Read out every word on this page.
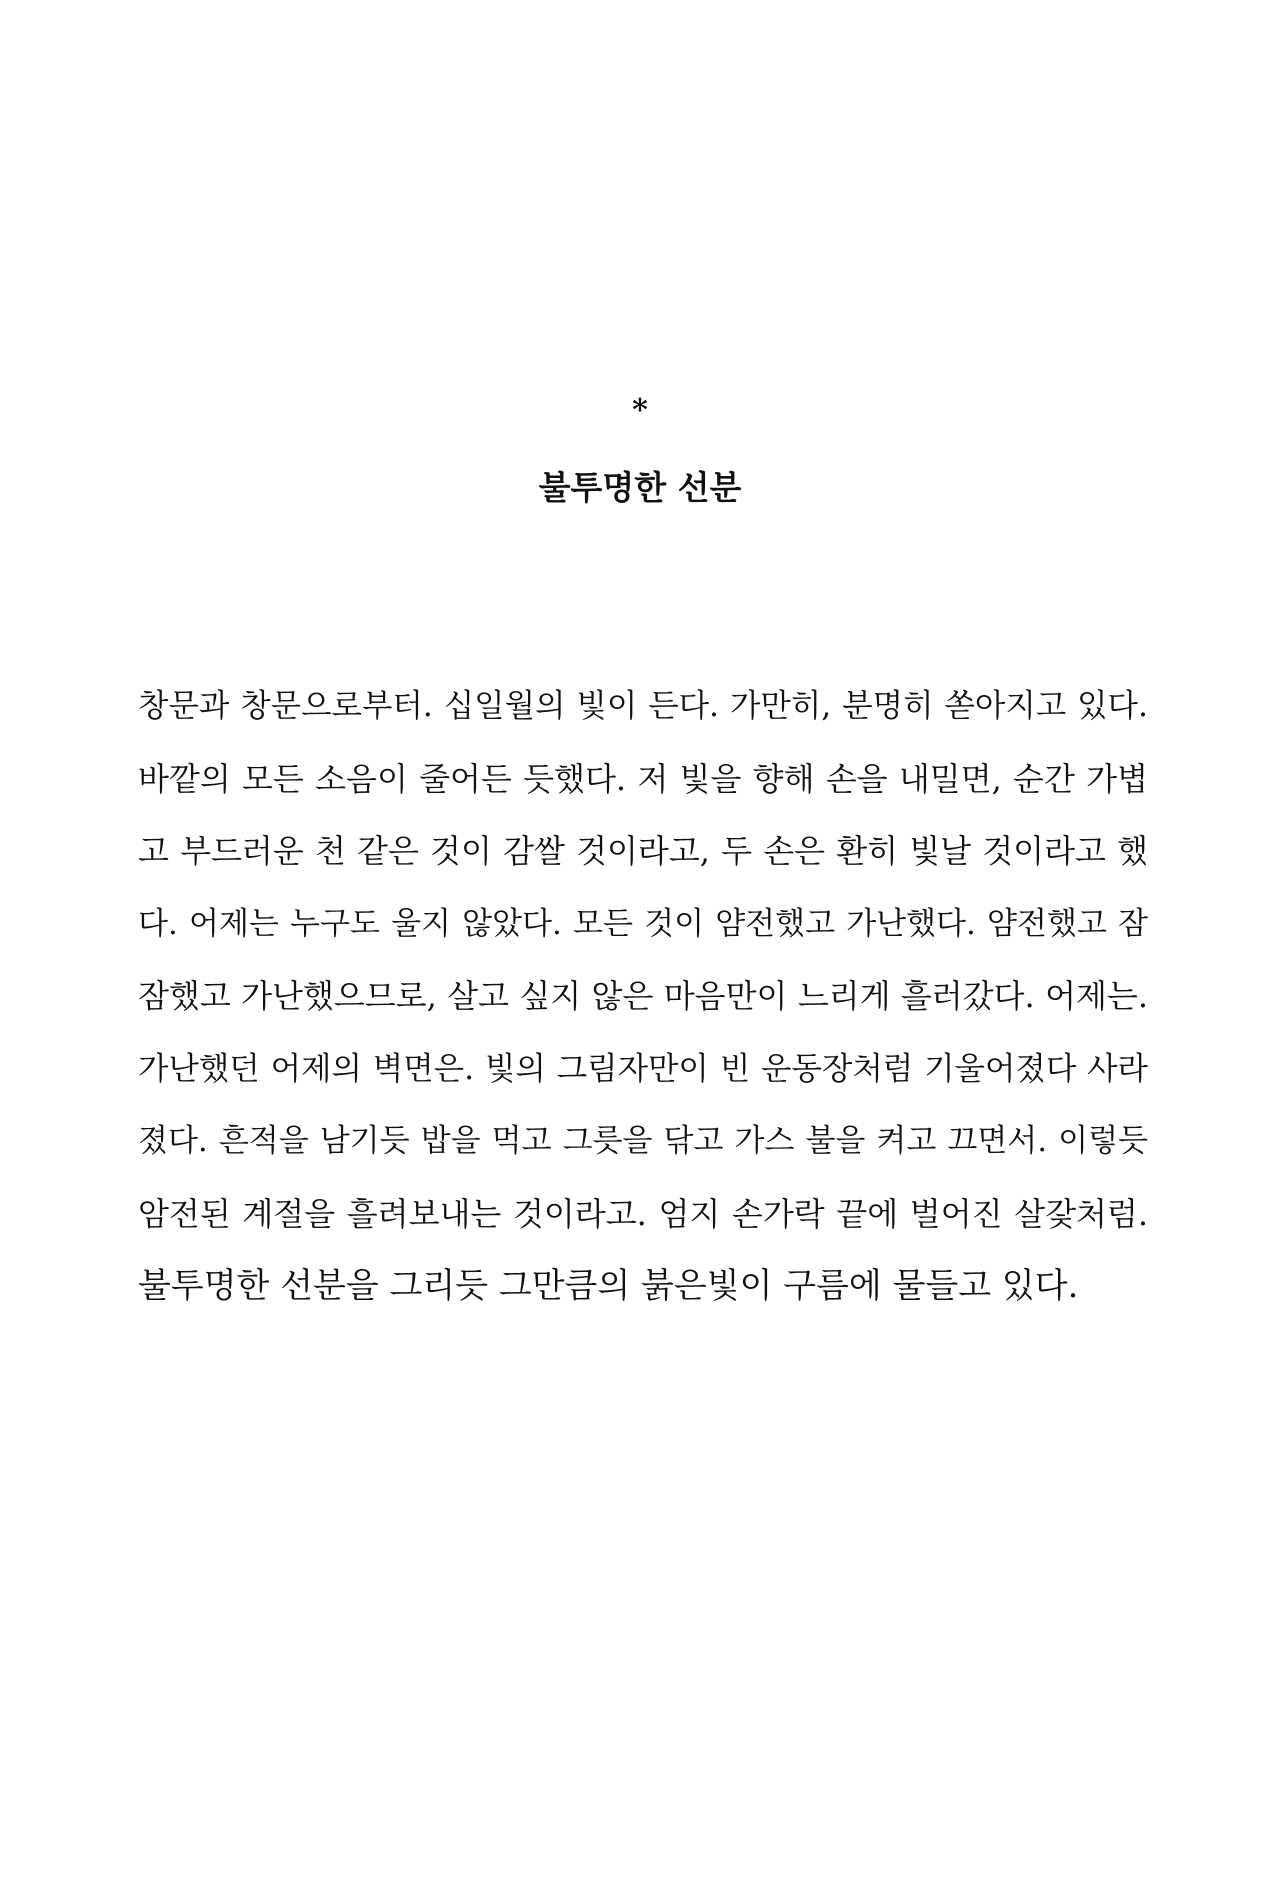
*
불투명한 선분
창문과 창문으로부터. 십일월의 빛이 든다. 가만히, 분명히 쏟아지고 있다.
바깥의 모든 소음이 줄어든 듯했다. 저 빛을 향해 손을 내밀면, 순간 가볍
고 부드러운 천 같은 것이 감쌀 것이라고, 두 손은 환히 빛날 것이라고 했
다. 어제는 누구도 울지 않았다. 모든 것이 얌전했고 가난했다. 얌전했고 잠
잠했고 가난했으므로, 살고 싶지 않은 마음만이 느리게 흘러갔다. 어제는.
가난했던 어제의 벽면은. 빛의 그림자만이 빈 운동장처럼 기울어졌다 사라
졌다. 흔적을 남기듯 밥을 먹고 그릇을 닦고 가스 불을 켜고 끄면서. 이렇듯
암전된 계절을 흘려보내는 것이라고. 엄지 손가락 끝에 벌어진 살갗처럼.
불투명한 선분을 그리듯 그만큼의 붉은빛이 구름에 물들고 있다.
